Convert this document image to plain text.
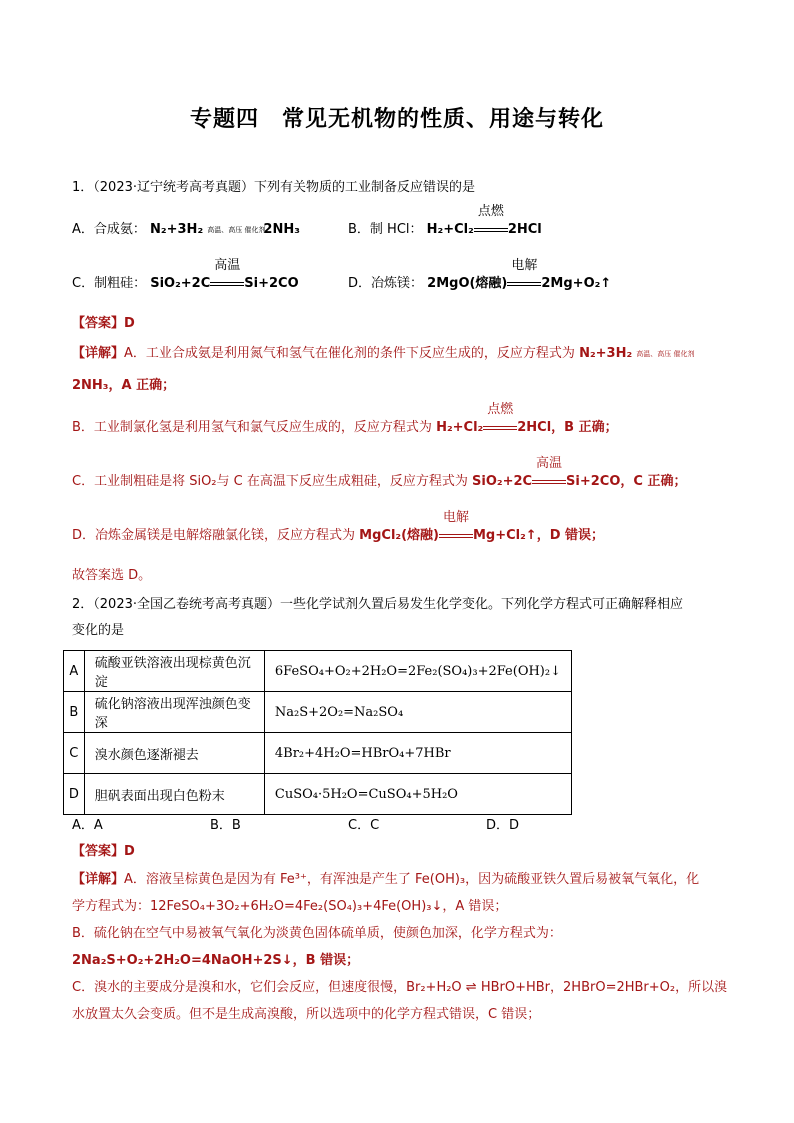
专题四　常见无机物的性质、用途与转化
1．（2023·辽宁统考高考真题）下列有关物质的工业制备反应错误的是
A．合成氨： N₂+3H₂ 高温、高压 催化剂 2NH₃	B．制 HCl： H₂+Cl₂
点燃
2HCl
C．制粗硅： SiO₂+2C
高温
Si+2CO	D．冶炼镁： 2MgO(熔融)
电解
2Mg+O₂↑
【答案】D
【详解】A．工业合成氨是利用氮气和氢气在催化剂的条件下反应生成的，反应方程式为 N₂+3H₂ 高温、高压 催化剂
2NH₃，A 正确；
B．工业制氯化氢是利用氢气和氯气反应生成的，反应方程式为 H₂+Cl₂
点燃
2HCl，B 正确；
C．工业制粗硅是将 SiO₂与 C 在高温下反应生成粗硅，反应方程式为 SiO₂+2C
高温
Si+2CO，C 正确；
D．冶炼金属镁是电解熔融氯化镁，反应方程式为 MgCl₂(熔融)
电解
Mg+Cl₂↑，D 错误；
故答案选 D。
2．（2023·全国乙卷统考高考真题）一些化学试剂久置后易发生化学变化。下列化学方程式可正确解释相应
变化的是
A	硫酸亚铁溶液出现棕黄色沉淀	6FeSO₄+O₂+2H₂O=2Fe₂(SO₄)₃+2Fe(OH)₂↓
B	硫化钠溶液出现浑浊颜色变深	Na₂S+2O₂=Na₂SO₄
C	溴水颜色逐渐褪去	4Br₂+4H₂O=HBrO₄+7HBr
D	胆矾表面出现白色粉末	CuSO₄·5H₂O=CuSO₄+5H₂O
A．A	B．B	C．C	D．D
【答案】D
【详解】A．溶液呈棕黄色是因为有 Fe³⁺，有浑浊是产生了 Fe(OH)₃，因为硫酸亚铁久置后易被氧气氧化，化
学方程式为：12FeSO₄+3O₂+6H₂O=4Fe₂(SO₄)₃+4Fe(OH)₃↓，A 错误；
B．硫化钠在空气中易被氧气氧化为淡黄色固体硫单质，使颜色加深，化学方程式为：
2Na₂S+O₂+2H₂O=4NaOH+2S↓，B 错误；
C．溴水的主要成分是溴和水，它们会反应，但速度很慢，Br₂+H₂O ⇌ HBrO+HBr，2HBrO=2HBr+O₂，所以溴
水放置太久会变质。但不是生成高溴酸，所以选项中的化学方程式错误，C 错误；
